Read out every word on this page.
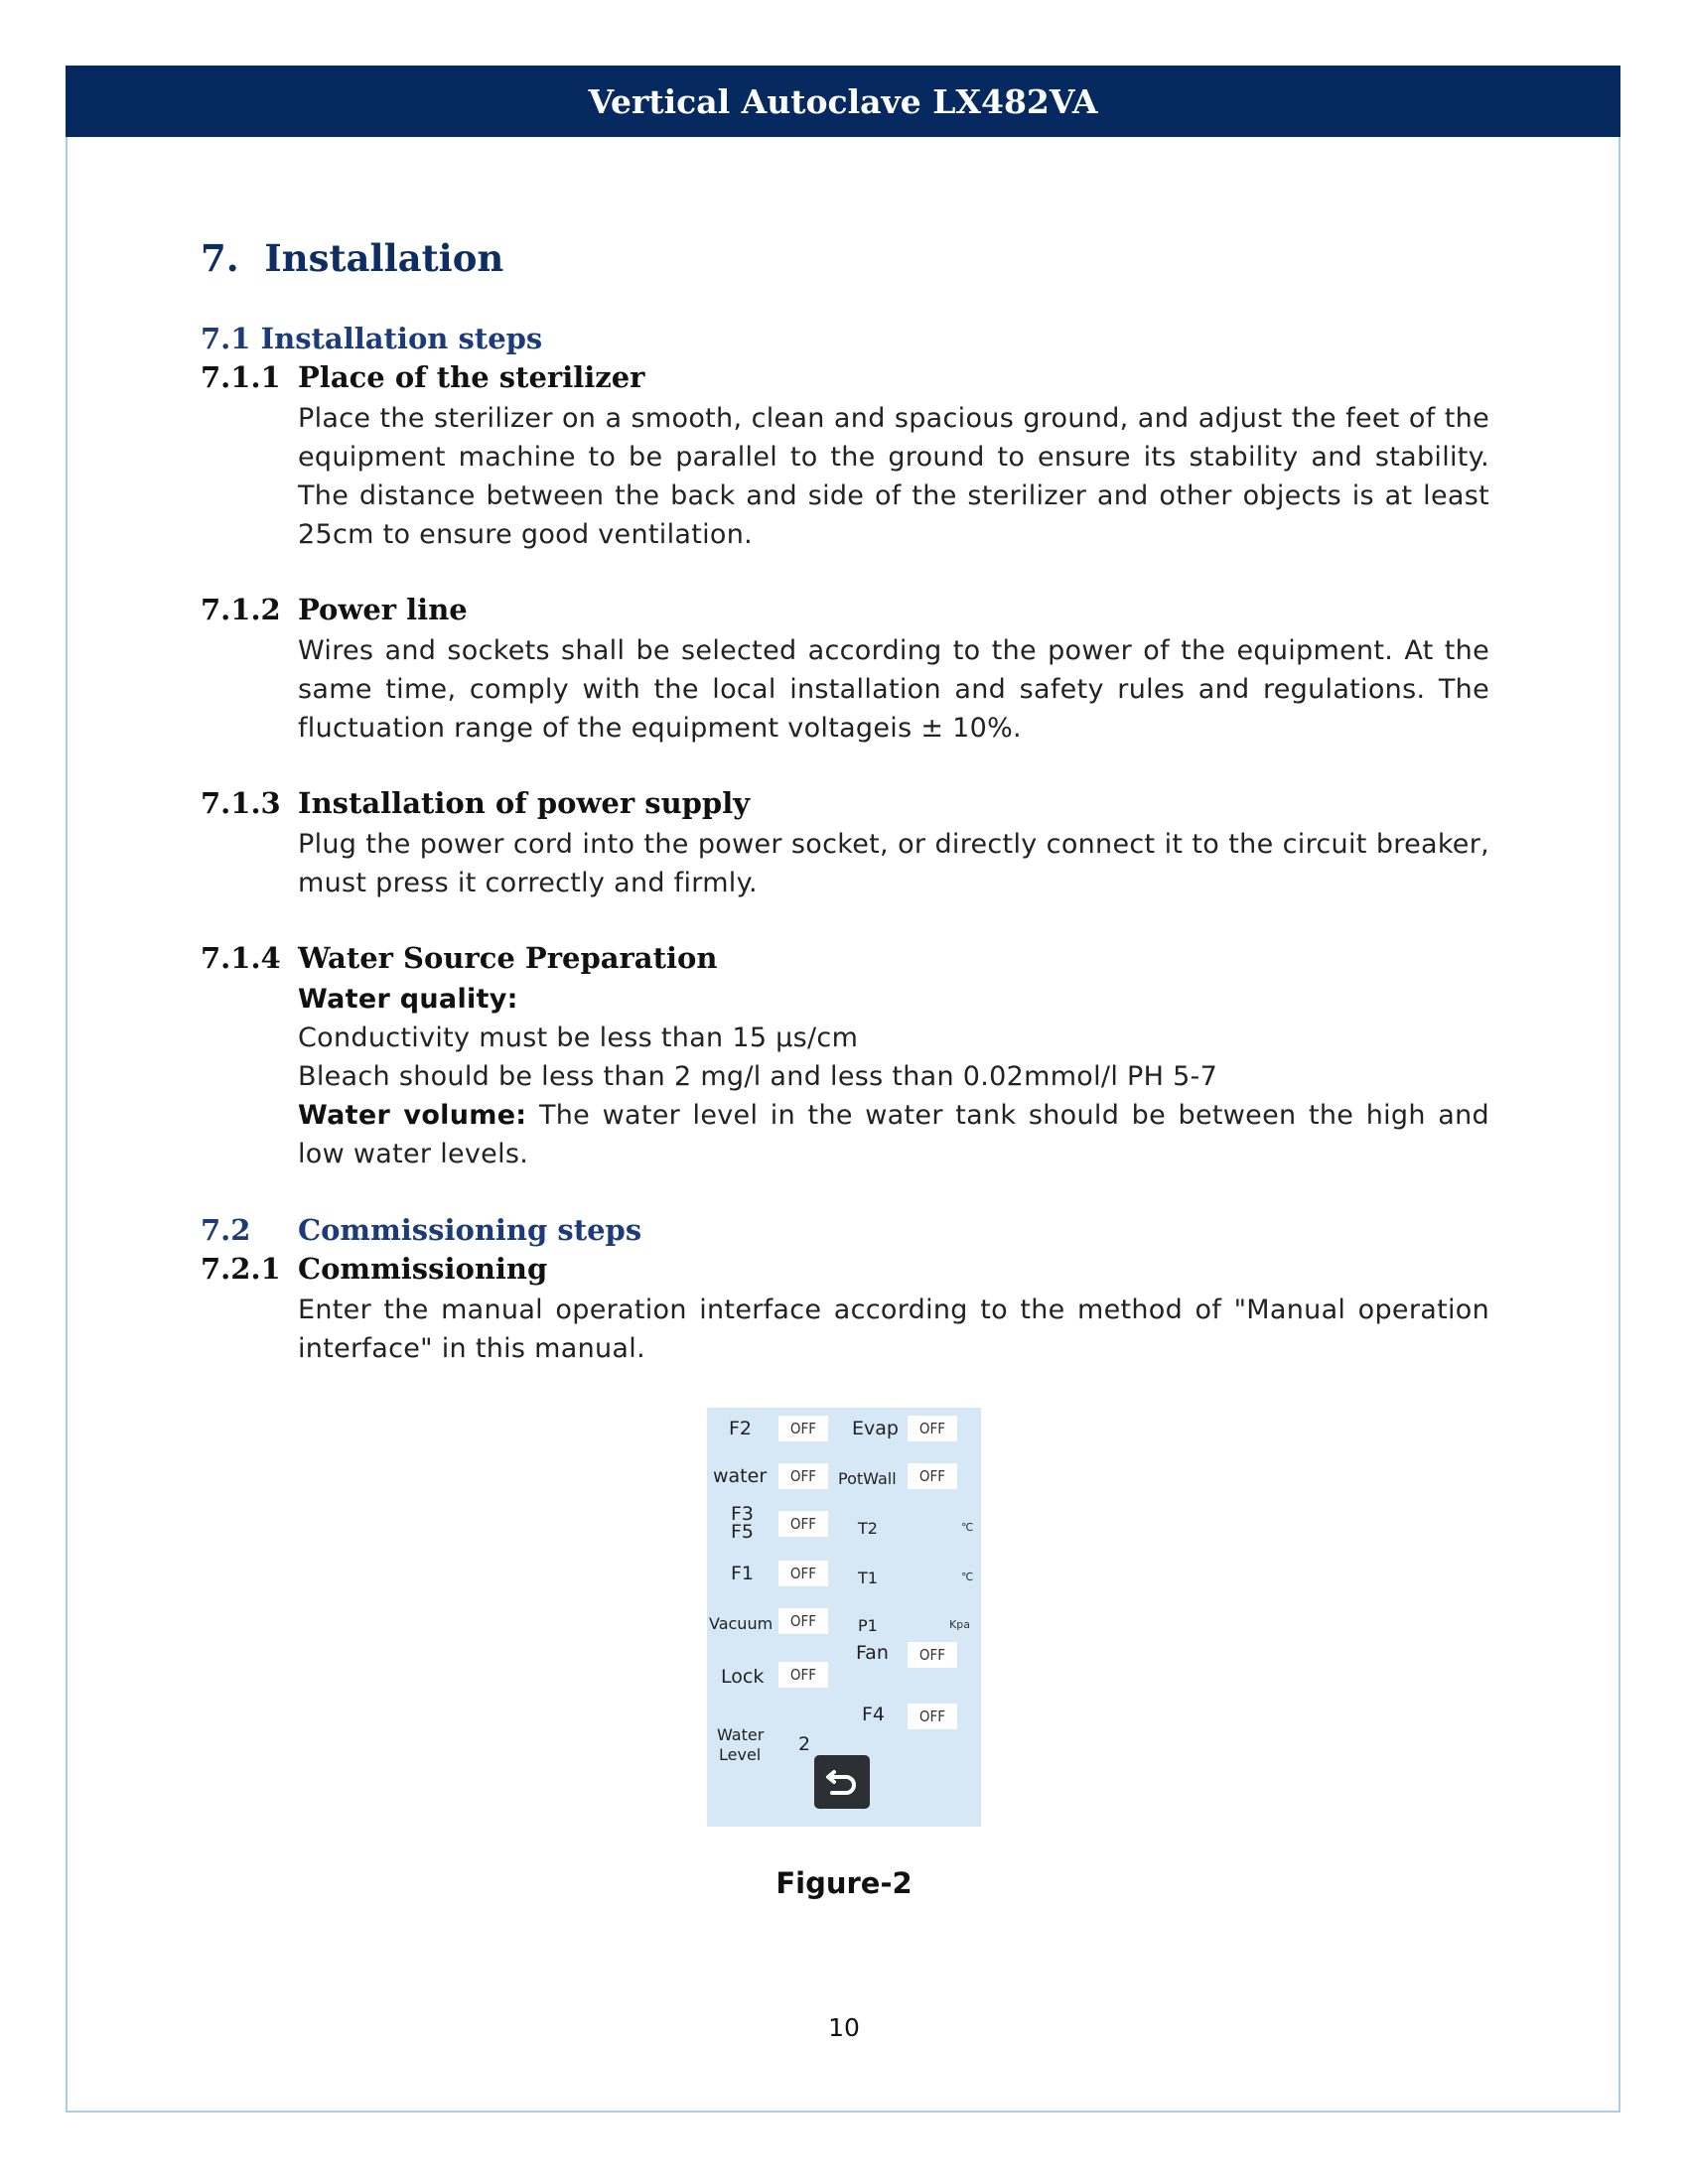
Vertical Autoclave LX482VA
7. Installation
7.1 Installation steps
7.1.1 Place of the sterilizer

Place the sterilizer on a smooth, clean and spacious ground, and adjust the feet of the equipment machine to be parallel to the ground to ensure its stability and stability. The distance between the back and side of the sterilizer and other objects is at least 25cm to ensure good ventilation.

7.1.2 Power line

Wires and sockets shall be selected according to the power of the equipment. At the same time, comply with the local installation and safety rules and regulations. The fluctuation range of the equipment voltageis ± 10%.

7.1.3 Installation of power supply

Plug the power cord into the power socket, or directly connect it to the circuit breaker, must press it correctly and firmly.

7.1.4 Water Source Preparation

Water quality:

Conductivity must be less than 15 µs/cm

Bleach should be less than 2 mg/l and less than 0.02mmol/l PH 5-7

Water volume: The water level in the water tank should be between the high and low water levels.

7.2 Commissioning steps
7.2.1 Commissioning

Enter the manual operation interface according to the method of "Manual operation interface" in this manual.

F2	OFF	Evap	OFF
water	OFF	PotWall	OFF
F3
F5	OFF	T2	℃
F1	OFF	T1	℃
Vacuum	OFF	P1	Kpa
Fan	OFF
Lock	OFF
F4	OFF
Water
Level 2
Figure-2
10
